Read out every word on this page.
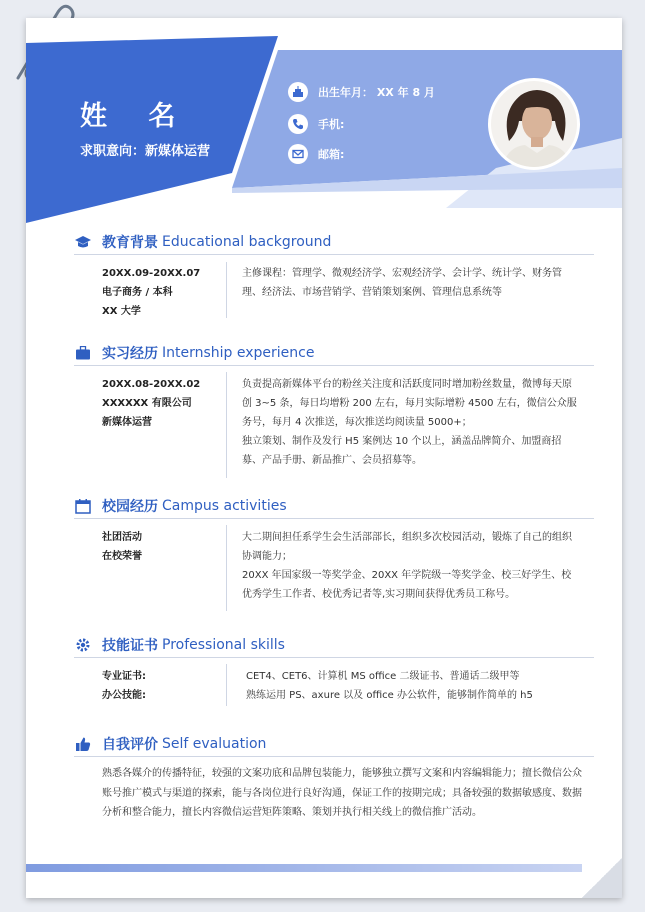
姓 名
求职意向：新媒体运营
出生年月： XX 年 8 月
手机:
邮箱:
教育背景 Educational background
20XX.09-20XX.07
电子商务 / 本科
XX 大学
主修课程：管理学、微观经济学、宏观经济学、会计学、统计学、财务管理、经济法、市场营销学、营销策划案例、管理信息系统等
实习经历 Internship experience
20XX.08-20XX.02
XXXXXX 有限公司
新媒体运营
负责提高新媒体平台的粉丝关注度和活跃度同时增加粉丝数量，微博每天原创 3~5 条，每日均增粉 200 左右，每月实际增粉 4500 左右，微信公众服务号，每月 4 次推送，每次推送均阅读量 5000+；
独立策划、制作及发行 H5 案例达 10 个以上，涵盖品牌简介、加盟商招募、产品手册、新品推广、会员招募等。
校园经历 Campus activities
社团活动
在校荣誉
大二期间担任系学生会生活部部长，组织多次校园活动，锻炼了自己的组织协调能力；
20XX 年国家级一等奖学金、20XX 年学院级一等奖学金、校三好学生、校优秀学生工作者、校优秀记者等,实习期间获得优秀员工称号。
技能证书 Professional skills
专业证书:
办公技能:
CET4、CET6、计算机 MS office 二级证书、普通话二级甲等
熟练运用 PS、axure 以及 office 办公软件，能够制作简单的 h5
自我评价 Self evaluation
熟悉各媒介的传播特征，较强的文案功底和品牌包装能力，能够独立撰写文案和内容编辑能力；擅长微信公众账号推广模式与渠道的探索，能与各岗位进行良好沟通，保证工作的按期完成；具备较强的数据敏感度、数据分析和整合能力，擅长内容微信运营矩阵策略、策划并执行相关线上的微信推广活动。
